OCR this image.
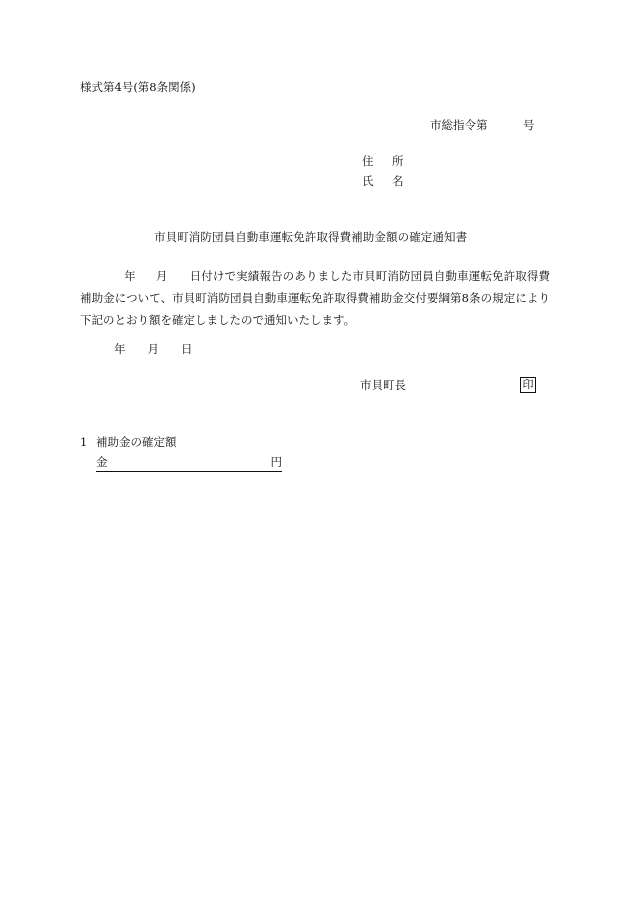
様式第4号(第8条関係)
市総指令第	号
住 所
氏 名
市貝町消防団員自動車運転免許取得費補助金額の確定通知書
年 月 日付けで実績報告のありました市貝町消防団員自動車運転免許取得費補助金について、市貝町消防団員自動車運転免許取得費補助金交付要綱第8条の規定により下記のとおり額を確定しましたので通知いたします。
年 月 日
市貝町長	印
1 補助金の確定額
金	円
